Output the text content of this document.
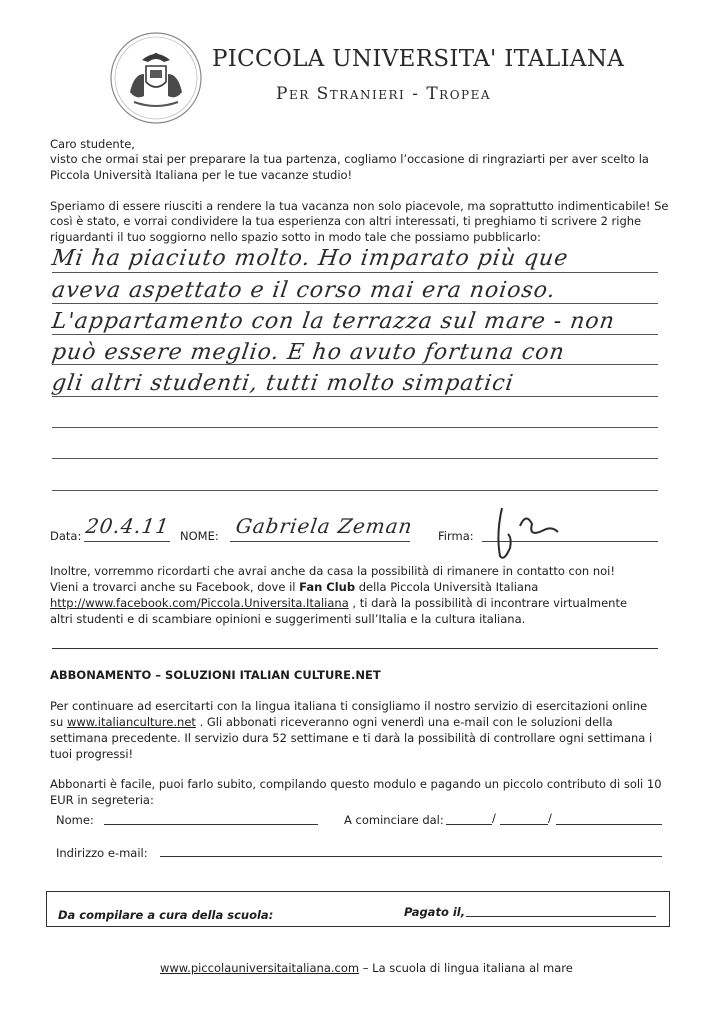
PICCOLA UNIVERSITA' ITALIANA
Per Stranieri - Tropea

Caro studente,

visto che ormai stai per preparare la tua partenza, cogliamo l’occasione di ringraziarti per aver scelto la

Piccola Università Italiana per le tue vacanze studio!

Speriamo di essere riusciti a rendere la tua vacanza non solo piacevole, ma soprattutto indimenticabile! Se

così è stato, e vorrai condividere la tua esperienza con altri interessati, ti preghiamo ti scrivere 2 righe

riguardanti il tuo soggiorno nello spazio sotto in modo tale che possiamo pubblicarlo:

Mi ha piaciuto molto. Ho imparato più que
aveva aspettato e il corso mai era noioso.
L'appartamento con la terrazza sul mare - non
può essere meglio. E ho avuto fortuna con
gli altri studenti, tutti molto simpatici
Data: 20.4.11 NOME: Gabriela Zeman Firma:

Inoltre, vorremmo ricordarti che avrai anche da casa la possibilità di rimanere in contatto con noi!

Vieni a trovarci anche su Facebook, dove il Fan Club della Piccola Università Italiana

http://www.facebook.com/Piccola.Universita.Italiana , ti darà la possibilità di incontrare virtualmente

altri studenti e di scambiare opinioni e suggerimenti sull’Italia e la cultura italiana.

ABBONAMENTO – SOLUZIONI ITALIAN CULTURE.NET

Per continuare ad esercitarti con la lingua italiana ti consigliamo il nostro servizio di esercitazioni online

su www.italianculture.net . Gli abbonati riceveranno ogni venerdì una e-mail con le soluzioni della

settimana precedente. Il servizio dura 52 settimane e ti darà la possibilità di controllare ogni settimana i

tuoi progressi!

Abbonarti è facile, puoi farlo subito, compilando questo modulo e pagando un piccolo contributo di soli 10

EUR in segreteria:

Nome:	A cominciare dal:	/	/
Indirizzo e-mail:
Da compilare a cura della scuola:	Pagato il,
www.piccolauniversitaitaliana.com – La scuola di lingua italiana al mare
